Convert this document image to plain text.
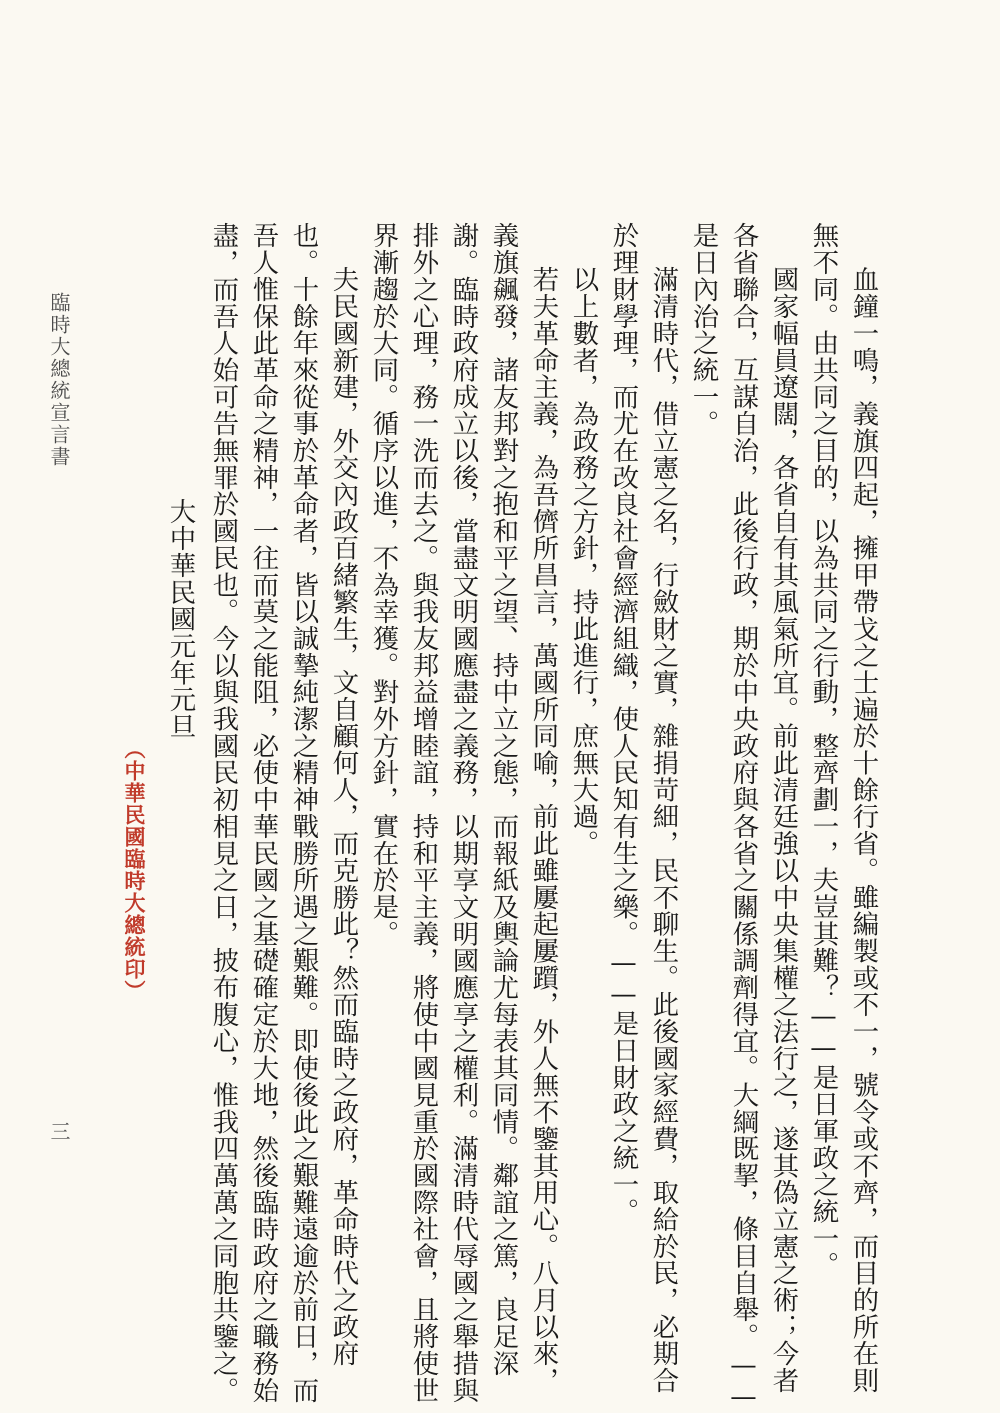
血鐘一鳴，義旗四起，擁甲帶戈之士遍於十餘行省。雖編製或不一，號令或不齊，而目的所在則
無不同。由共同之目的，以為共同之行動，整齊劃一，夫豈其難？——是日軍政之統一。
國家幅員遼闊，各省自有其風氣所宜。前此清廷強以中央集權之法行之，遂其偽立憲之術；今者
各省聯合，互謀自治，此後行政，期於中央政府與各省之關係調劑得宜。大綱既挈，條目自舉。——
是日內治之統一。
滿清時代，借立憲之名，行斂財之實，雜捐苛細，民不聊生。此後國家經費，取給於民，必期合
於理財學理，而尤在改良社會經濟組織，使人民知有生之樂。——是日財政之統一。
以上數者，為政務之方針，持此進行，庶無大過。
若夫革命主義，為吾儕所昌言，萬國所同喻，前此雖屢起屢躓，外人無不鑒其用心。八月以來，
義旗飆發，諸友邦對之抱和平之望、持中立之態，而報紙及輿論尤每表其同情。鄰誼之篤，良足深
謝。臨時政府成立以後，當盡文明國應盡之義務，以期享文明國應享之權利。滿清時代辱國之舉措與
排外之心理，務一洗而去之。與我友邦益增睦誼，持和平主義，將使中國見重於國際社會，且將使世
界漸趨於大同。循序以進，不為幸獲。對外方針，實在於是。
夫民國新建，外交內政百緒繁生，文自顧何人，而克勝此？然而臨時之政府，革命時代之政府
也。十餘年來從事於革命者，皆以誠摯純潔之精神戰勝所遇之艱難。即使後此之艱難遠逾於前日，而
吾人惟保此革命之精神，一往而莫之能阻，必使中華民國之基礎確定於大地，然後臨時政府之職務始
盡，而吾人始可告無罪於國民也。今以與我國民初相見之日，披布腹心，惟我四萬萬之同胞共鑒之。
大中華民國元年元旦
（中華民國臨時大總統印）
臨時大總統宣言書
三
